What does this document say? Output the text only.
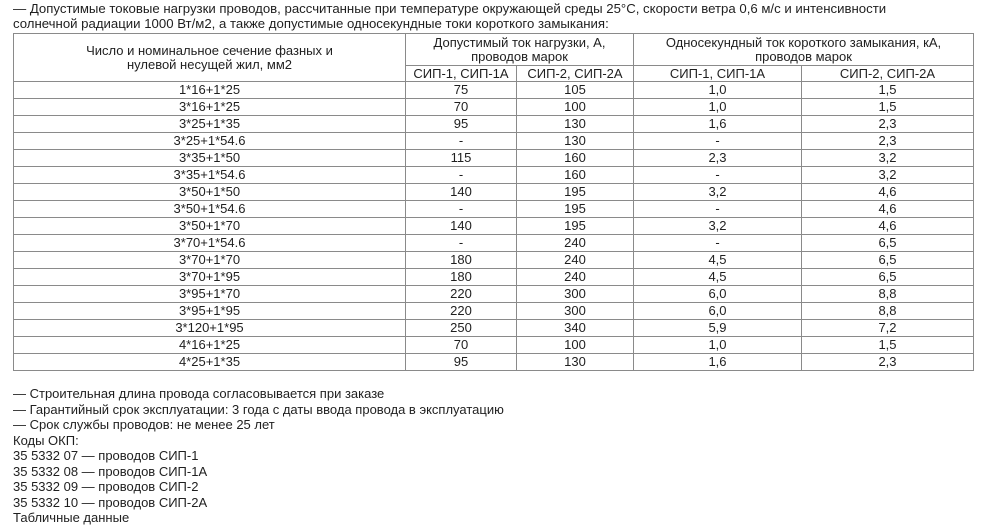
— Допустимые токовые нагрузки проводов, рассчитанные при температуре окружающей среды 25°С, скорости ветра 0,6 м/с и интенсивности
солнечной радиации 1000 Вт/м2, а также допустимые односекундные токи короткого замыкания:
Число и номинальное сечение фазных и нулевой несущей жил, мм2	Допустимый ток нагрузки, А, проводов марок		Односекундный ток короткого замыкания, кА, проводов марок	
	СИП-1, СИП-1А	СИП-2, СИП-2А	СИП-1, СИП-1А	СИП-2, СИП-2А
1*16+1*25	75	105	1,0	1,5
3*16+1*25	70	100	1,0	1,5
3*25+1*35	95	130	1,6	2,3
3*25+1*54.6	-	130	-	2,3
3*35+1*50	115	160	2,3	3,2
3*35+1*54.6	-	160	-	3,2
3*50+1*50	140	195	3,2	4,6
3*50+1*54.6	-	195	-	4,6
3*50+1*70	140	195	3,2	4,6
3*70+1*54.6	-	240	-	6,5
3*70+1*70	180	240	4,5	6,5
3*70+1*95	180	240	4,5	6,5
3*95+1*70	220	300	6,0	8,8
3*95+1*95	220	300	6,0	8,8
3*120+1*95	250	340	5,9	7,2
4*16+1*25	70	100	1,0	1,5
4*25+1*35	95	130	1,6	2,3
— Строительная длина провода согласовывается при заказе
— Гарантийный срок эксплуатации: 3 года с даты ввода провода в эксплуатацию
— Срок службы проводов: не менее 25 лет
Коды ОКП:
35 5332 07 — проводов СИП-1
35 5332 08 — проводов СИП-1А
35 5332 09 — проводов СИП-2
35 5332 10 — проводов СИП-2А
Табличные данные
